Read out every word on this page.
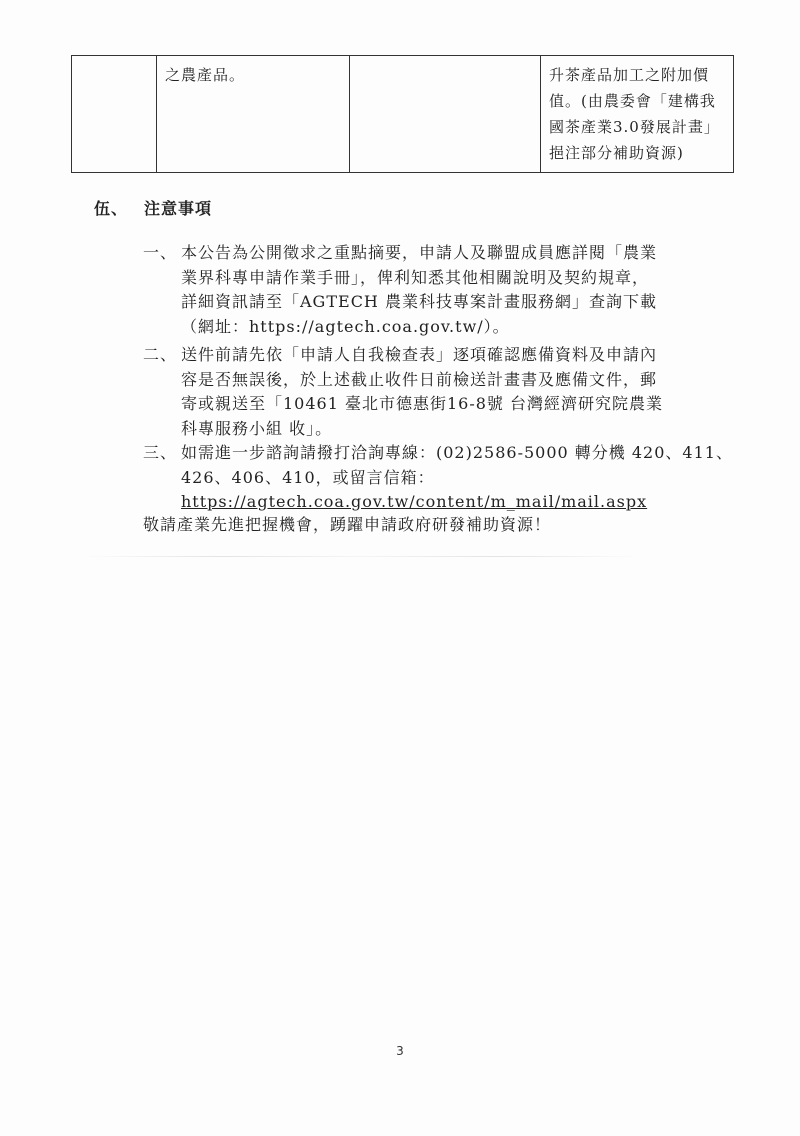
之農產品。		升茶產品加工之附加價
值。(由農委會「建構我
國茶產業3.0發展計畫」
挹注部分補助資源)
伍、 注意事項
一、 本公告為公開徵求之重點摘要，申請人及聯盟成員應詳閱「農業
業界科專申請作業手冊」，俾利知悉其他相關說明及契約規章，
詳細資訊請至「AGTECH 農業科技專案計畫服務網」查詢下載
（網址：https://agtech.coa.gov.tw/）。
二、 送件前請先依「申請人自我檢查表」逐項確認應備資料及申請內
容是否無誤後，於上述截止收件日前檢送計畫書及應備文件，郵
寄或親送至「10461 臺北市德惠街16-8號 台灣經濟研究院農業
科專服務小組 收」。
三、 如需進一步諮詢請撥打洽詢專線：(02)2586-5000 轉分機 420、411、
426、406、410，或留言信箱：
https://agtech.coa.gov.tw/content/m_mail/mail.aspx
敬請產業先進把握機會，踴躍申請政府研發補助資源！
3
